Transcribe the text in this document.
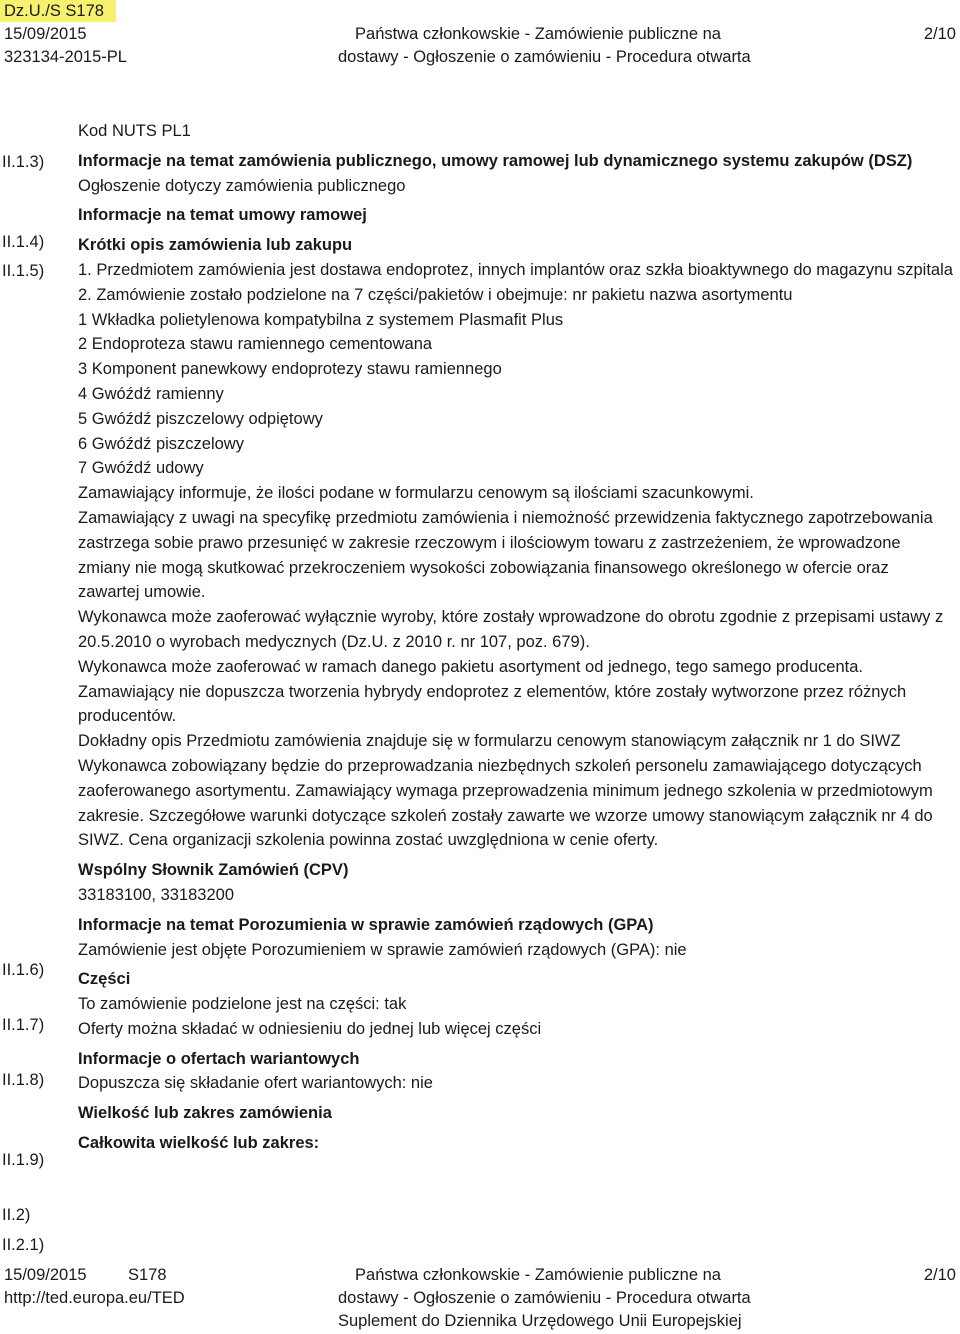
Dz.U./S S178
15/09/2015
323134-2015-PL
Państwa członkowskie - Zamówienie publiczne na
dostawy - Ogłoszenie o zamówieniu - Procedura otwarta
2/10
II.1.3)
II.1.4)
II.1.5)
II.1.6)
II.1.7)
II.1.8)
II.1.9)
II.2)
II.2.1)

Kod NUTS PL1

Informacje na temat zamówienia publicznego, umowy ramowej lub dynamicznego systemu zakupów (DSZ)

Ogłoszenie dotyczy zamówienia publicznego

Informacje na temat umowy ramowej

Krótki opis zamówienia lub zakupu

1. Przedmiotem zamówienia jest dostawa endoprotez, innych implantów oraz szkła bioaktywnego do magazynu szpitala

2. Zamówienie zostało podzielone na 7 części/pakietów i obejmuje: nr pakietu nazwa asortymentu

1 Wkładka polietylenowa kompatybilna z systemem Plasmafit Plus

2 Endoproteza stawu ramiennego cementowana

3 Komponent panewkowy endoprotezy stawu ramiennego

4 Gwóźdź ramienny

5 Gwóźdź piszczelowy odpiętowy

6 Gwóźdź piszczelowy

7 Gwóźdź udowy

Zamawiający informuje, że ilości podane w formularzu cenowym są ilościami szacunkowymi.

Zamawiający z uwagi na specyfikę przedmiotu zamówienia i niemożność przewidzenia faktycznego zapotrzebowania zastrzega sobie prawo przesunięć w zakresie rzeczowym i ilościowym towaru z zastrzeżeniem, że wprowadzone zmiany nie mogą skutkować przekroczeniem wysokości zobowiązania finansowego określonego w ofercie oraz zawartej umowie.

Wykonawca może zaoferować wyłącznie wyroby, które zostały wprowadzone do obrotu zgodnie z przepisami ustawy z 20.5.2010 o wyrobach medycznych (Dz.U. z 2010 r. nr 107, poz. 679).

Wykonawca może zaoferować w ramach danego pakietu asortyment od jednego, tego samego producenta.

Zamawiający nie dopuszcza tworzenia hybrydy endoprotez z elementów, które zostały wytworzone przez różnych producentów.

Dokładny opis Przedmiotu zamówienia znajduje się w formularzu cenowym stanowiącym załącznik nr 1 do SIWZ

Wykonawca zobowiązany będzie do przeprowadzania niezbędnych szkoleń personelu zamawiającego dotyczących zaoferowanego asortymentu. Zamawiający wymaga przeprowadzenia minimum jednego szkolenia w przedmiotowym zakresie. Szczegółowe warunki dotyczące szkoleń zostały zawarte we wzorze umowy stanowiącym załącznik nr 4 do SIWZ. Cena organizacji szkolenia powinna zostać uwzględniona w cenie oferty.

Wspólny Słownik Zamówień (CPV)

33183100, 33183200

Informacje na temat Porozumienia w sprawie zamówień rządowych (GPA)

Zamówienie jest objęte Porozumieniem w sprawie zamówień rządowych (GPA): nie

Części

To zamówienie podzielone jest na części: tak

Oferty można składać w odniesieniu do jednej lub więcej części

Informacje o ofertach wariantowych

Dopuszcza się składanie ofert wariantowych: nie

Wielkość lub zakres zamówienia

Całkowita wielkość lub zakres:

15/09/2015	S178
http://ted.europa.eu/TED
Państwa członkowskie - Zamówienie publiczne na
dostawy - Ogłoszenie o zamówieniu - Procedura otwarta
Suplement do Dziennika Urzędowego Unii Europejskiej
2/10
